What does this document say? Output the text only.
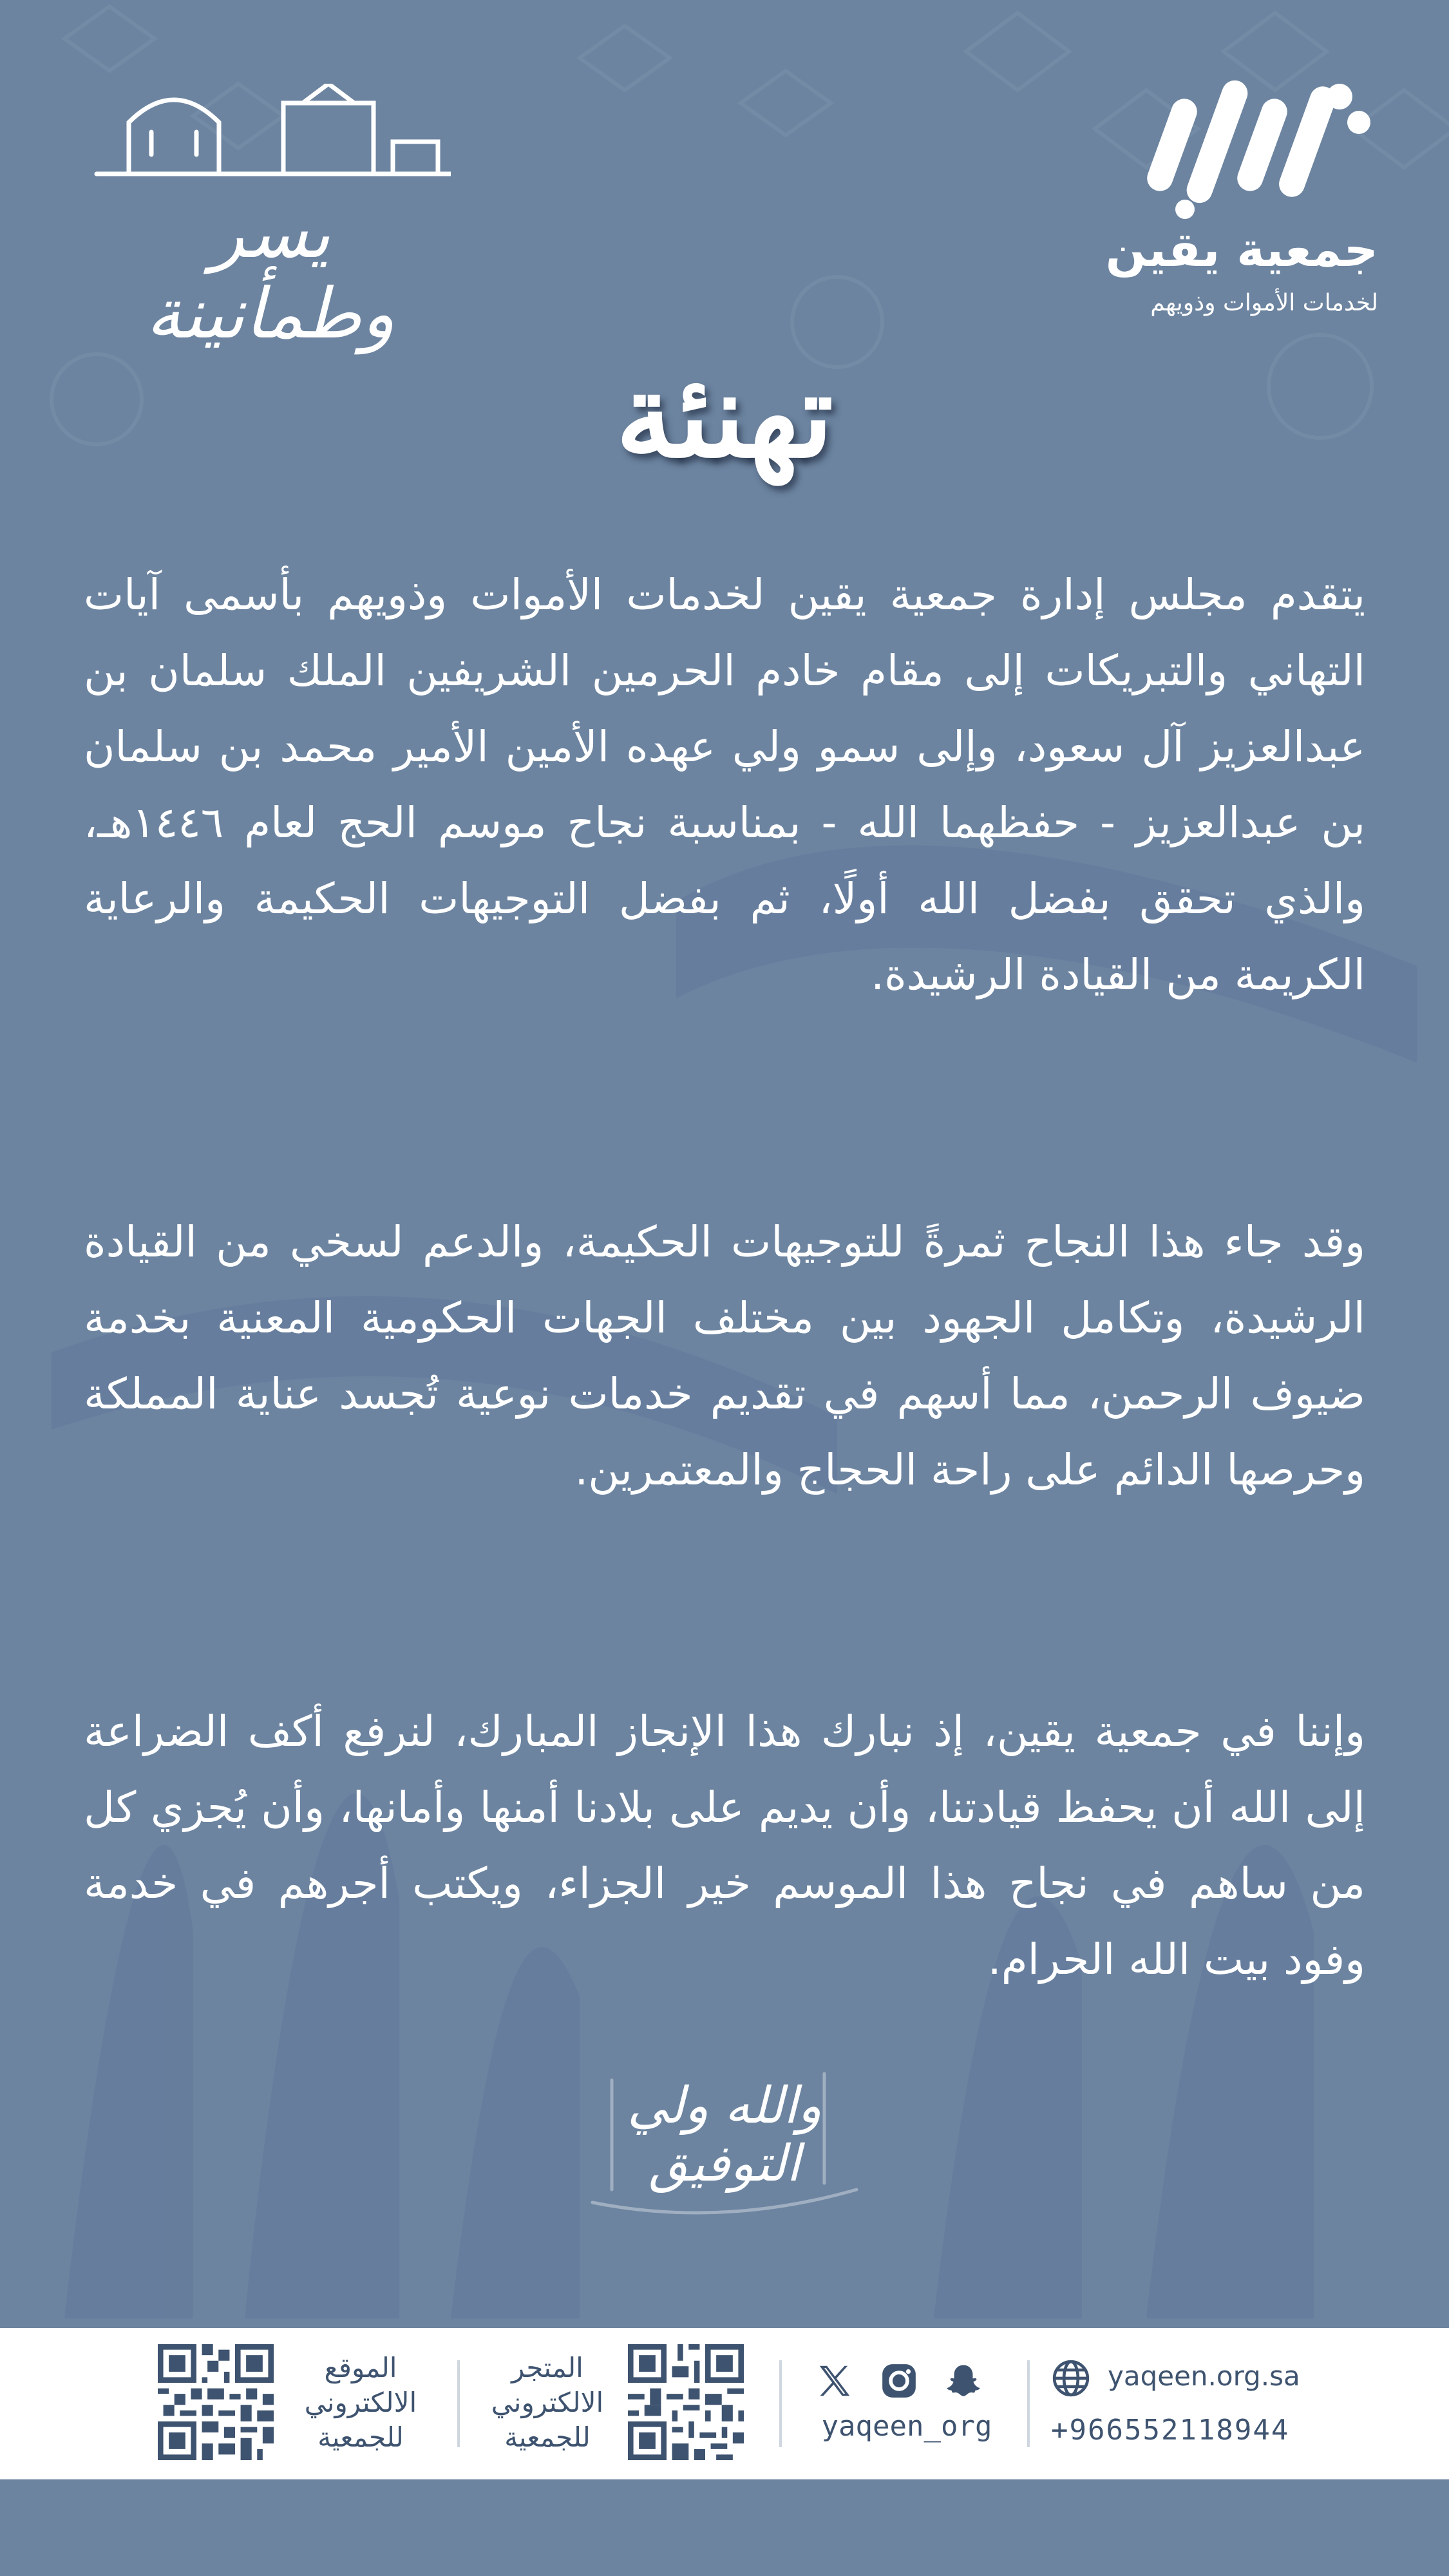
يسر وطمأنينة
جمعية يقين
لخدمات الأموات وذويهم
تهنئة
يتقدم مجلس إدارة جمعية يقين لخدمات الأموات وذويهم بأسمى آيات التهاني والتبريكات إلى مقام خادم الحرمين الشريفين الملك سلمان بن عبدالعزيز آل سعود، وإلى سمو ولي عهده الأمين الأمير محمد بن سلمان بن عبدالعزيز - حفظهما الله - بمناسبة نجاح موسم الحج لعام ١٤٤٦هـ، والذي تحقق بفضل الله أولًا، ثم بفضل التوجيهات الحكيمة والرعاية الكريمة من القيادة الرشيدة.
وقد جاء هذا النجاح ثمرةً للتوجيهات الحكيمة، والدعم لسخي من القيادة الرشيدة، وتكامل الجهود بين مختلف الجهات الحكومية المعنية بخدمة ضيوف الرحمن، مما أسهم في تقديم خدمات نوعية تُجسد عناية المملكة وحرصها الدائم على راحة الحجاج والمعتمرين.
وإننا في جمعية يقين، إذ نبارك هذا الإنجاز المبارك، لنرفع أكف الضراعة إلى الله أن يحفظ قيادتنا، وأن يديم على بلادنا أمنها وأمانها، وأن يُجزي كل من ساهم في نجاح هذا الموسم خير الجزاء، ويكتب أجرهم في خدمة وفود بيت الله الحرام.
والله ولي التوفيق
الموقع الالكتروني للجمعية
المتجر الالكتروني للجمعية	yaqeen_org
yaqeen.org.sa
+966552118944
